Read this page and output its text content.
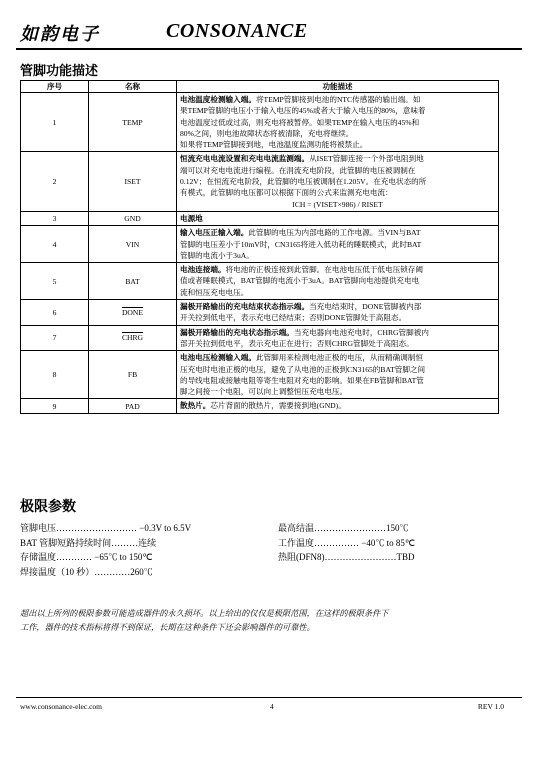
如韵电子	CONSONANCE
管脚功能描述
序号	名称	功能描述
1	TEMP	电池温度检测输入端。将TEMP管脚接到电池的NTC传感器的输出端。如
果TEMP管脚的电压小于输入电压的45%或者大于输入电压的80%，意味着
电池温度过低或过高，则充电将被暂停。如果TEMP在输入电压的45%和
80%之间，则电池故障状态将被清除，充电将继续。
如果将TEMP管脚接到地，电池温度监测功能将被禁止。
2	ISET	恒流充电电流设置和充电电流监测端。从ISET管脚连接一个外部电阻到地
端可以对充电电流进行编程。在涓流充电阶段，此管脚的电压被调制在
0.12V；在恒流充电阶段，此管脚的电压被调制在1.205V。在充电状态的所
有模式，此管脚的电压都可以根据下面的公式来监测充电电流：
ICH = (VISET×986) / RISET

3	GND	电源地
4	VIN	输入电压正输入端。此管脚的电压为内部电路的工作电源。当VIN与BAT
管脚的电压差小于10mV时，CN3165将进入低功耗的睡眠模式，此时BAT
管脚的电流小于3uA。
5	BAT	电池连接端。将电池的正极连接到此管脚。在电池电压低于低电压锁存阈
值或者睡眠模式，BAT管脚的电流小于3uA。BAT管脚向电池提供充电电
流和恒压充电电压。
6	DONE	漏极开路输出的充电结束状态指示端。当充电结束时，DONE管脚被内部
开关拉到低电平，表示充电已经结束；否则DONE管脚处于高阻态。
7	CHRG	漏极开路输出的充电状态指示端。当充电器向电池充电时，CHRG管脚被内
部开关拉到低电平，表示充电正在进行；否则CHRG管脚处于高阻态。
8	FB	电池电压检测输入端。此管脚用来检测电池正极的电压，从而精确调制恒
压充电时电池正极的电压，避免了从电池的正极到CN3165的BAT管脚之间
的导线电阻或接触电阻等寄生电阻对充电的影响。如果在FB管脚和BAT管
脚之间接一个电阻，可以向上调整恒压充电电压。
9	PAD	散热片。芯片背面的散热片，需要接到地(GND)。
极限参数
管脚电压……………………… −0.3V to 6.5V	最高结温……………………150℃
BAT 管脚短路持续时间………连续	工作温度…………… −40℃ to 85℃
存储温度………… −65℃ to 150℃	热阻(DFN8)……………………TBD
焊接温度（10 秒）…………260℃
超出以上所列的极限参数可能造成器件的永久损坏。以上给出的仅仅是极限范围，在这样的极限条件下
工作，器件的技术指标将得不到保证，长期在这种条件下还会影响器件的可靠性。
www.consonance-elec.com	4	REV 1.0
